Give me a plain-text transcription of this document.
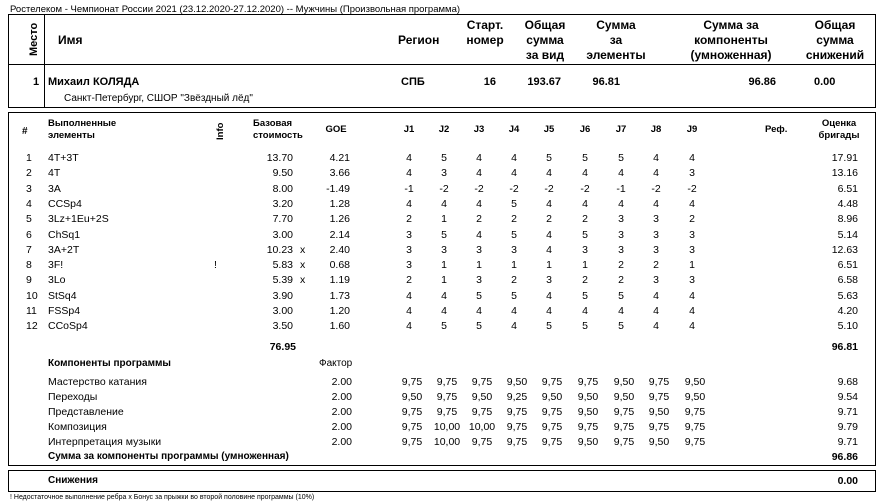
Ростелеком - Чемпионат России 2021 (23.12.2020-27.12.2020) -- Мужчины (Произвольная программа)
Место Имя	Регион
Старт.
номер
Общая
сумма
за вид
Сумма
за
элементы
Сумма за
компоненты
(умноженная)
Общая
сумма
снижений
1 Михаил КОЛЯДА	СПБ	16	193.67	96.81	96.86	0.00
Санкт-Петербург, СШОР "Звёздный лёд"
#
Выполненные
элементы	Info	Базовая
стоимость
GOE	J1	J2	J3	J4	J5	J6	J7	J8	J9	Реф.
Оценка
бригады
1 4T+3T	13.70	4.21	4	5	4	4	5	5	5	4	4	17.91
2 4T	9.50	3.66	4	3	4	4	4	4	4	4	3	13.16
3 3A	8.00	-1.49	-1	-2	-2	-2	-2	-2	-1	-2	-2	6.51
4 CCSp4	3.20	1.28	4	4	4	5	4	4	4	4	4	4.48
5 3Lz+1Eu+2S	7.70	1.26	2	1	2	2	2	2	3	3	2	8.96
6 ChSq1	3.00	2.14	3	5	4	5	4	5	3	3	3	5.14
7 3A+2T	10.23 x	2.40	3	3	3	3	4	3	3	3	3	12.63
8 3F!	!	5.83 x	0.68	3	1	1	1	1	1	2	2	1	6.51
9 3Lo	5.39 x	1.19	2	1	3	2	3	2	2	3	3	6.58
10 StSq4	3.90	1.73	4	4	5	5	4	5	5	4	4	5.63
11 FSSp4	3.00	1.20	4	4	4	4	4	4	4	4	4	4.20
12 CCoSp4	3.50	1.60	4	5	5	4	5	5	5	4	4	5.10
76.95	96.81
Компоненты программы	Фактор
Мастерство катания	2.00	9,75	9,75	9,75	9,50	9,75	9,75	9,50	9,75	9,50	9.68
Переходы	2.00	9,50	9,75	9,50	9,25	9,50	9,50	9,50	9,75	9,50	9.54
Представление	2.00	9,75	9,75	9,75	9,75	9,75	9,50	9,75	9,50	9,75	9.71
Композиция	2.00	9,75	10,00 10,00	9,75	9,75	9,75	9,75	9,75	9,75	9.79
Интерпретация музыки	2.00	9,75	10,00	9,75	9,75	9,75	9,50	9,75	9,50	9,75	9.71
Сумма за компоненты программы (умноженная)	96.86
Снижения	0.00
! Недостаточное выполнение ребра x Бонус за прыжки во второй половине программы (10%)
